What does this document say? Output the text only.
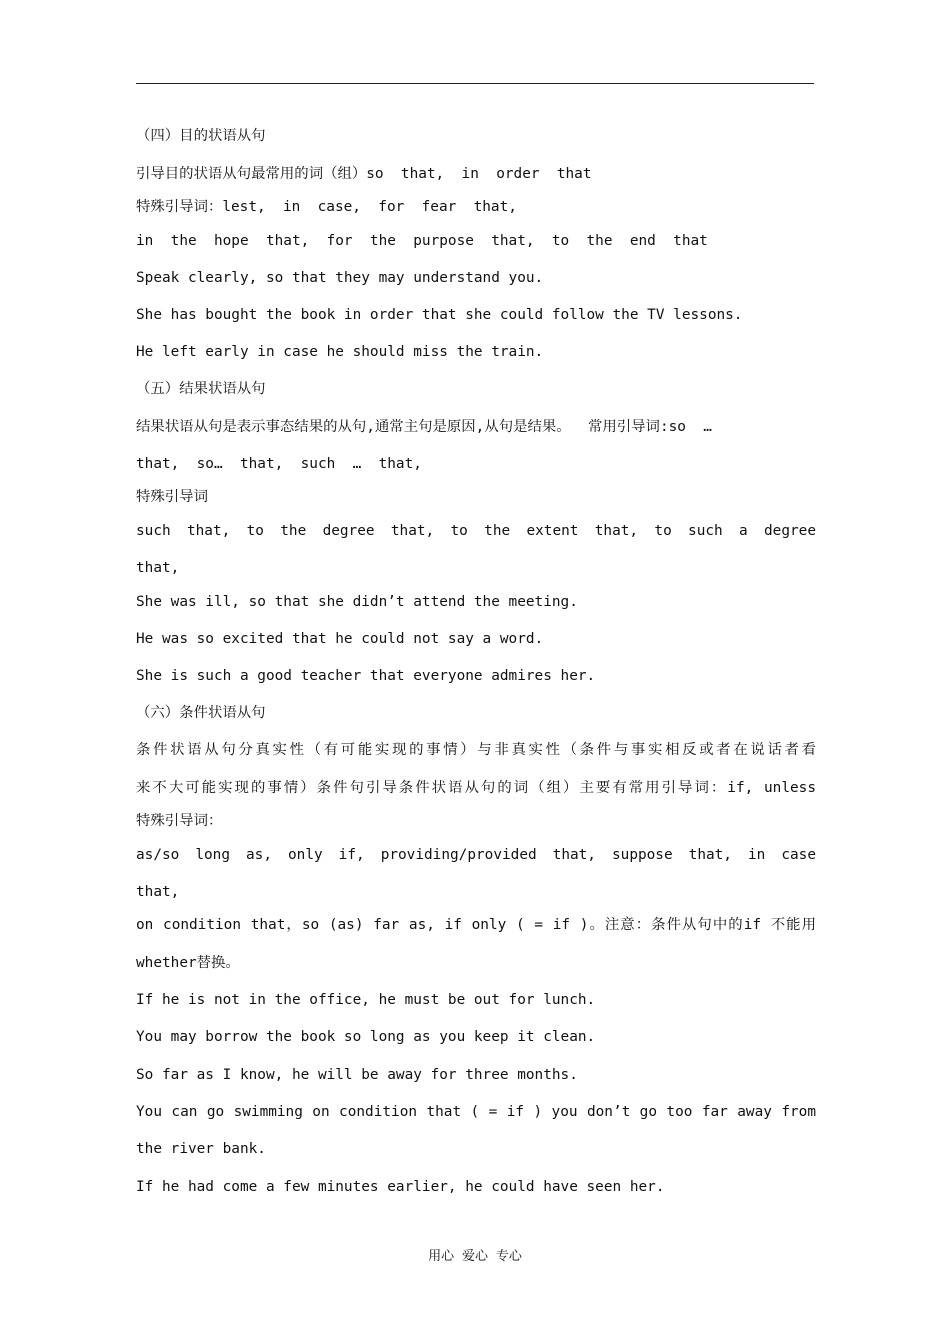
（四）目的状语从句
引导目的状语从句最常用的词（组）so  that,  in  order  that
特殊引导词：lest,  in  case,  for  fear  that,
in  the  hope  that,  for  the  purpose  that,  to  the  end  that
Speak clearly, so that they may understand you.
She has bought the book in order that she could follow the TV lessons.
He left early in case he should miss the train.
（五）结果状语从句
结果状语从句是表示事态结果的从句,通常主句是原因,从句是结果。  常用引导词:so  …
that,  so…  that,  such  …  that,
特殊引导词
such that, to the degree that, to the extent that, to such a degree
that,
She was ill, so that she didn’t attend the meeting.
He was so excited that he could not say a word.
She is such a good teacher that everyone admires her.
（六）条件状语从句
条件状语从句分真实性（有可能实现的事情）与非真实性（条件与事实相反或者在说话者看
来不大可能实现的事情）条件句引导条件状语从句的词（组）主要有常用引导词：if, unless
特殊引导词：
as/so long as, only if, providing/provided that, suppose that, in case
that,
on condition that，so (as) far as, if only ( = if )。注意：条件从句中的if 不能用
whether替换。
If he is not in the office, he must be out for lunch.
You may borrow the book so long as you keep it clean.
So far as I know, he will be away for three months.
You can go swimming on condition that ( = if ) you don’t go too far away from
the river bank.
If he had come a few minutes earlier, he could have seen her.
用心 爱心 专心
